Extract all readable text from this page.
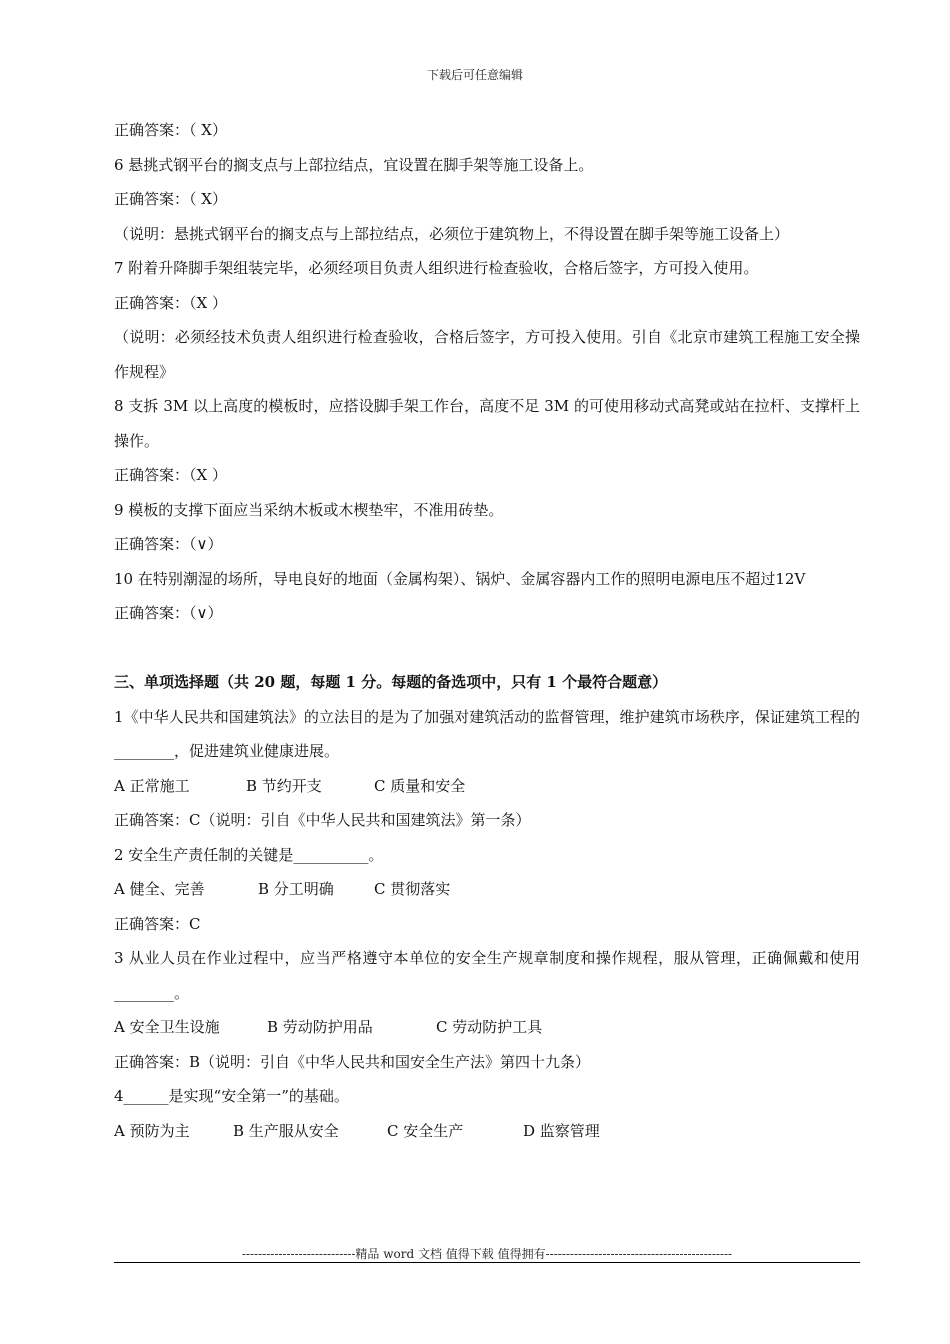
下载后可任意编辑
正确答案：（ X）
6 悬挑式钢平台的搁支点与上部拉结点，宜设置在脚手架等施工设备上。
正确答案：（ X）
（说明：悬挑式钢平台的搁支点与上部拉结点，必须位于建筑物上，不得设置在脚手架等施工设备上）
7 附着升降脚手架组装完毕，必须经项目负责人组织进行检查验收，合格后签字，方可投入使用。
正确答案：（X ）
（说明：必须经技术负责人组织进行检查验收，合格后签字，方可投入使用。引自《北京市建筑工程施工安全操作规程》
8 支拆 3M 以上高度的模板时，应搭设脚手架工作台，高度不足 3M 的可使用移动式高凳或站在拉杆、支撑杆上操作。
正确答案：（X ）
9 模板的支撑下面应当采纳木板或木楔垫牢，不准用砖垫。
正确答案：（∨）
10 在特别潮湿的场所，导电良好的地面（金属构架）、锅炉、金属容器内工作的照明电源电压不超过12V
正确答案：（∨）
三、单项选择题（共 20 题，每题 1 分。每题的备选项中，只有 1 个最符合题意）
1《中华人民共和国建筑法》的立法目的是为了加强对建筑活动的监督管理，维护建筑市场秩序，保证建筑工程的________，促进建筑业健康进展。
A 正常施工	B 节约开支	C 质量和安全
正确答案：C（说明：引自《中华人民共和国建筑法》第一条）
2 安全生产责任制的关键是__________。
A 健全、完善	B 分工明确	C 贯彻落实
正确答案：C
3 从业人员在作业过程中，应当严格遵守本单位的安全生产规章制度和操作规程，服从管理，正确佩戴和使用________。
A 安全卫生设施	B 劳动防护用品	C 劳动防护工具
正确答案：B（说明：引自《中华人民共和国安全生产法》第四十九条）
4______是实现“安全第一”的基础。
A 预防为主	B 生产服从安全	C 安全生产	D 监察管理
----------------------------精品 word 文档 值得下载 值得拥有----------------------------------------------
